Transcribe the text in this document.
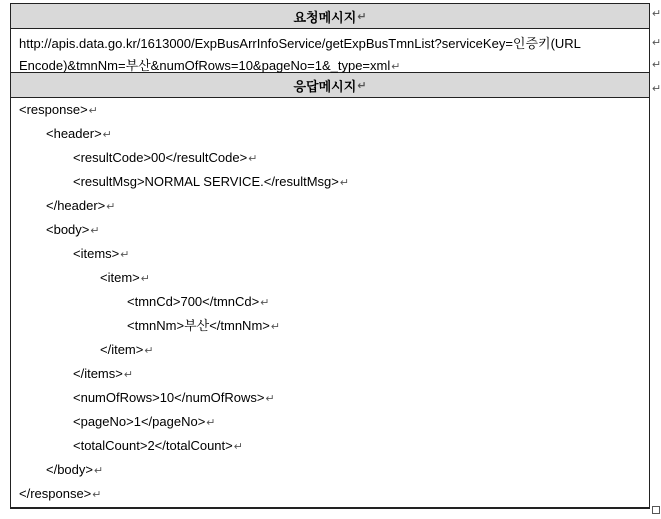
요청메시지 ↵
http://apis.data.go.kr/1613000/ExpBusArrInfoService/getExpBusTmnList?serviceKey=인증키(URL
Encode)&tmnNm=부산&numOfRows=10&pageNo=1&_type=xml↵
응답메시지 ↵
<response>↵
<header>↵
<resultCode>00</resultCode>↵
<resultMsg>NORMAL SERVICE.</resultMsg>↵
</header>↵
<body>↵
<items>↵
<item>↵
<tmnCd>700</tmnCd>↵
<tmnNm>부산</tmnNm>↵
</item>↵
</items>↵
<numOfRows>10</numOfRows>↵
<pageNo>1</pageNo>↵
<totalCount>2</totalCount>↵
</body>↵
</response>↵
↵
↵
↵
↵
